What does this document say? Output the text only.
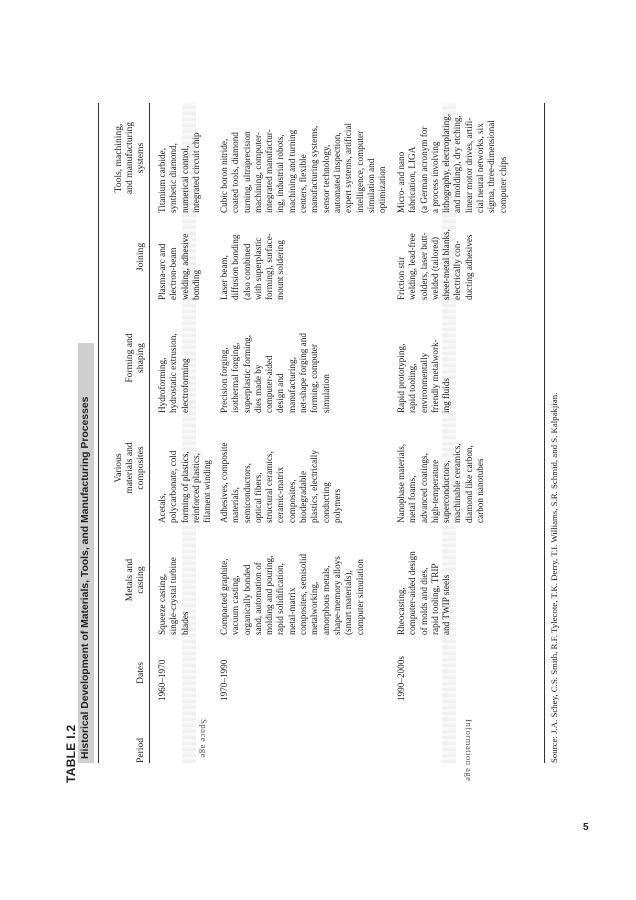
TABLE I.2 Historical Development of Materials, Tools, and Manufacturing Processes	Period
Dates
Metals and
casting
Various
materials and
composites
Forming and
shaping
Joining
Tools, machining,
and manufacturing
systems
Space age	Information age
1960–1970
Squeeze casting,
single-crystal turbine
blades
Acetals,
polycarbonate, cold
forming of plastics,
reinforced plastics,
filament winding
Hydroforming,
hydrostatic extrusion,
electroforming
Plasma-arc and
electron-beam
welding, adhesive
bonding
Titanium carbide,
synthetic diamond,
numerical control,
integrated circuit chip
1970–1990
Compacted graphite,
vacuum casting,
organically bonded
sand, automation of
molding and pouring,
rapid solidification,
metal-matrix
composites, semisolid
metalworking,
amorphous metals,
shape-memory alloys
(smart materials),
computer simulation
Adhesives, composite
materials,
semiconductors,
optical fibers,
structural ceramics,
ceramic-matrix
composites,
biodegradable
plastics, electrically
conducting
polymers
Precision forging,
isothermal forging,
superplastic forming,
dies made by
computer-aided
design and
manufacturing,
net-shape forging and
forming, computer
simulation
Laser beam,
diffusion bonding
(also combined
with superplastic
forming), surface-
mount soldering
Cubic boron nitride,
coated tools, diamond
turning, ultraprecision
machining, computer-
integrated manufactur-
ing, industrial robots,
machining and turning
centers, flexible
manufacturing systems,
sensor technology,
automated inspection,
expert systems, artificial
intelligence, computer
simulation and
optimization
1990–2000s
Rheocasting,
computer-aided design
of molds and dies,
rapid tooling, TRIP
and TWIP steels
Nanophase materials,
metal foams,
advanced coatings,
high-temperature
superconductors,
machinable ceramics,
diamond like carbon,
carbon nanotubes
Rapid prototyping,
rapid tooling,
environmentally
friendly metalwork-
ing fluids
Friction stir
welding, lead-free
solders, laser butt-
welded (tailored)
sheet-metal blanks,
electrically con-
ducting adhesives
Micro- and nano
fabrication, LIGA
(a German acronym for
a process involving
lithography, electroplating,
and molding), dry etching,
linear motor drives, artifi-
cial neural networks, six
sigma, three-dimensional
computer chips
Source: J.A. Schey, C.S. Smith, R.F. Tylecote, T.K. Derry, T.I. Williams, S.R. Schmid, and S. Kalpakjian.
5
